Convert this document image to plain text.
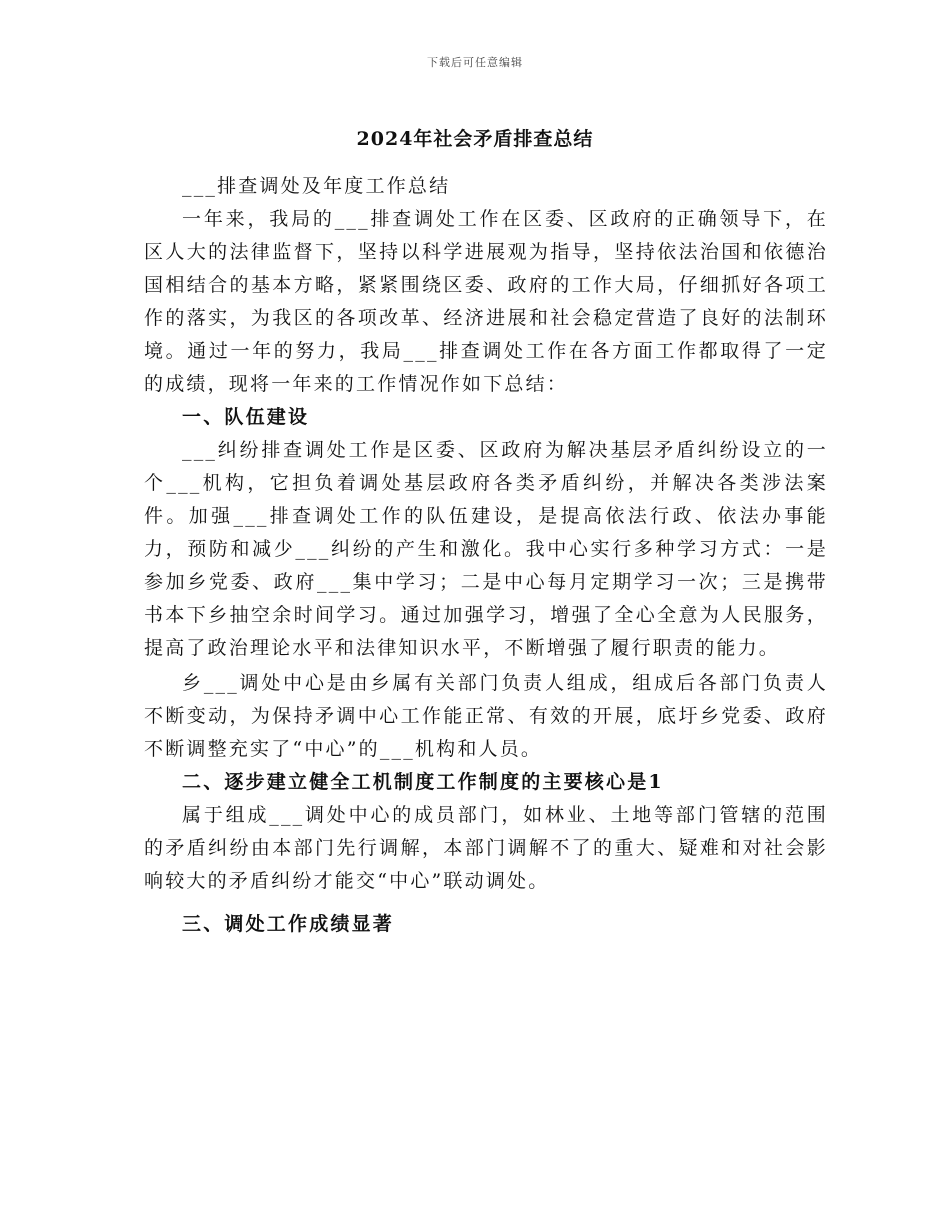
下载后可任意编辑
2024年社会矛盾排查总结

___排查调处及年度工作总结

一年来，我局的___排查调处工作在区委、区政府的正确领导下，在区人大的法律监督下，坚持以科学进展观为指导，坚持依法治国和依德治国相结合的基本方略，紧紧围绕区委、政府的工作大局，仔细抓好各项工作的落实，为我区的各项改革、经济进展和社会稳定营造了良好的法制环境。通过一年的努力，我局___排查调处工作在各方面工作都取得了一定的成绩，现将一年来的工作情况作如下总结：

一、队伍建设

___纠纷排查调处工作是区委、区政府为解决基层矛盾纠纷设立的一个___机构，它担负着调处基层政府各类矛盾纠纷，并解决各类涉法案件。加强___排查调处工作的队伍建设，是提高依法行政、依法办事能力，预防和减少___纠纷的产生和激化。我中心实行多种学习方式：一是参加乡党委、政府___集中学习；二是中心每月定期学习一次；三是携带书本下乡抽空余时间学习。通过加强学习，增强了全心全意为人民服务，提高了政治理论水平和法律知识水平，不断增强了履行职责的能力。

乡___调处中心是由乡属有关部门负责人组成，组成后各部门负责人不断变动，为保持矛调中心工作能正常、有效的开展，底圩乡党委、政府不断调整充实了“中心”的___机构和人员。

二、逐步建立健全工机制度工作制度的主要核心是1

属于组成___调处中心的成员部门，如林业、土地等部门管辖的范围的矛盾纠纷由本部门先行调解，本部门调解不了的重大、疑难和对社会影响较大的矛盾纠纷才能交“中心”联动调处。

三、调处工作成绩显著
